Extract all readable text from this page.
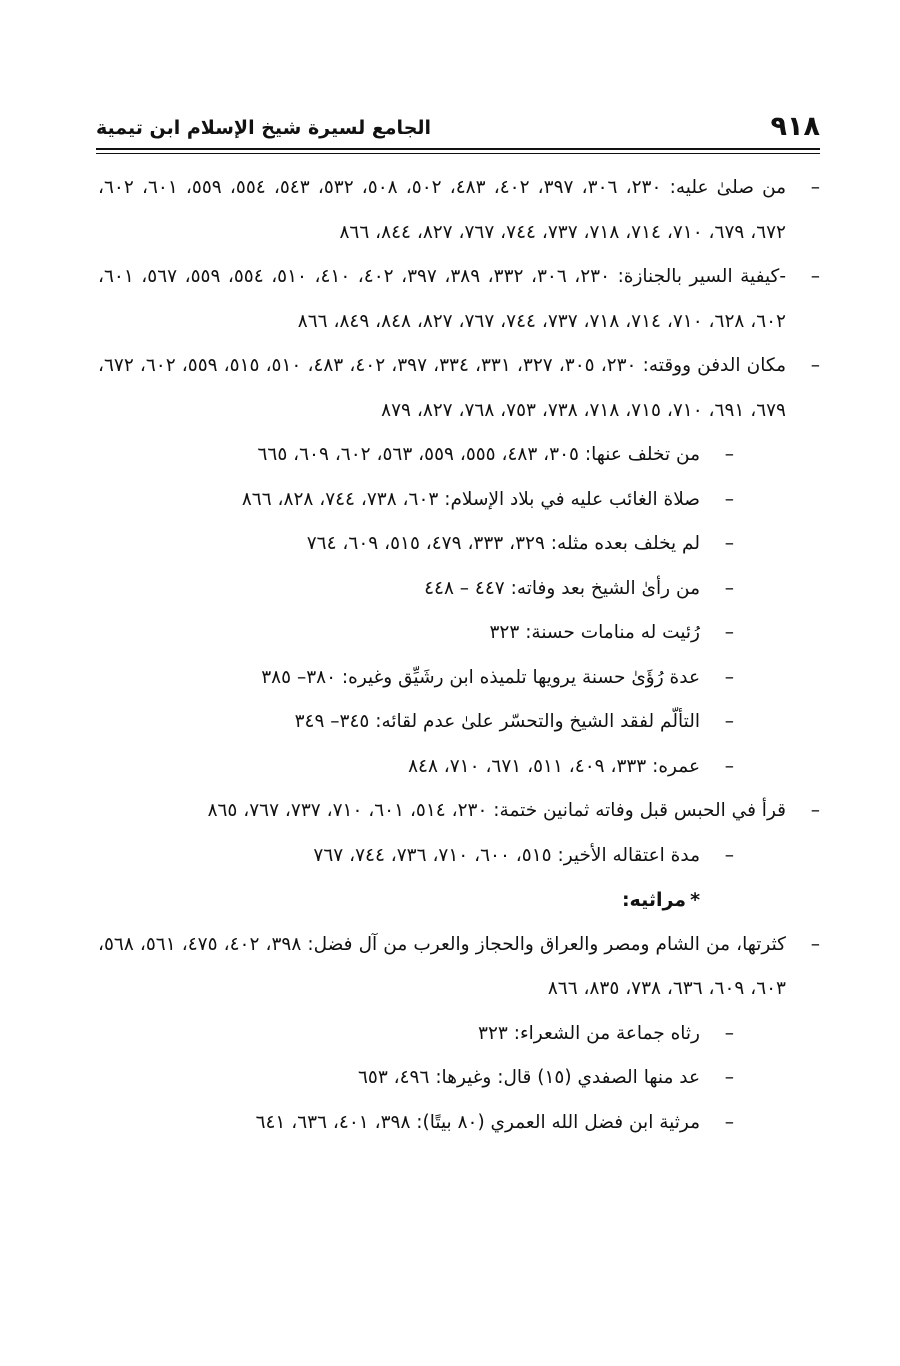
٩١٨
الجامع لسيرة شيخ الإسلام ابن تيمية
–
من صلىٰ عليه: ٢٣٠، ٣٠٦، ٣٩٧، ٤٠٢، ٤٨٣، ٥٠٢، ٥٠٨، ٥٣٢، ٥٤٣، ٥٥٤، ٥٥٩، ٦٠١، ٦٠٢، ٦٧٢، ٦٧٩، ٧١٠، ٧١٤، ٧١٨، ٧٣٧، ٧٤٤، ٧٦٧، ٨٢٧، ٨٤٤، ٨٦٦
–
-كيفية السير بالجنازة: ٢٣٠، ٣٠٦، ٣٣٢، ٣٨٩، ٣٩٧، ٤٠٢، ٤١٠، ٥١٠، ٥٥٤، ٥٥٩، ٥٦٧، ٦٠١، ٦٠٢، ٦٢٨، ٧١٠، ٧١٤، ٧١٨، ٧٣٧، ٧٤٤، ٧٦٧، ٨٢٧، ٨٤٨، ٨٤٩، ٨٦٦
–
مكان الدفن ووقته: ٢٣٠، ٣٠٥، ٣٢٧، ٣٣١، ٣٣٤، ٣٩٧، ٤٠٢، ٤٨٣، ٥١٠، ٥١٥، ٥٥٩، ٦٠٢، ٦٧٢، ٦٧٩، ٦٩١، ٧١٠، ٧١٥، ٧١٨، ٧٣٨، ٧٥٣، ٧٦٨، ٨٢٧، ٨٧٩
–
من تخلف عنها: ٣٠٥، ٤٨٣، ٥٥٥، ٥٥٩، ٥٦٣، ٦٠٢، ٦٠٩، ٦٦٥
–
صلاة الغائب عليه في بلاد الإسلام: ٦٠٣، ٧٣٨، ٧٤٤، ٨٢٨، ٨٦٦
–
لم يخلف بعده مثله: ٣٢٩، ٣٣٣، ٤٧٩، ٥١٥، ٦٠٩، ٧٦٤
–
من رأىٰ الشيخ بعد وفاته: ٤٤٧ – ٤٤٨
–
رُئيت له منامات حسنة: ٣٢٣
–
عدة رُؤَىٰ حسنة يرويها تلميذه ابن رشَيِّق وغيره: ٣٨٠– ٣٨٥
–
التألّم لفقد الشيخ والتحسّر علىٰ عدم لقائه: ٣٤٥– ٣٤٩
–
عمره: ٣٣٣، ٤٠٩، ٥١١، ٦٧١، ٧١٠، ٨٤٨
–
قرأ في الحبس قبل وفاته ثمانين ختمة: ٢٣٠، ٥١٤، ٦٠١، ٧١٠، ٧٣٧، ٧٦٧، ٨٦٥
–
مدة اعتقاله الأخير: ٥١٥، ٦٠٠، ٧١٠، ٧٣٦، ٧٤٤، ٧٦٧
*مراثيه:
–
كثرتها، من الشام ومصر والعراق والحجاز والعرب من آل فضل: ٣٩٨، ٤٠٢، ٤٧٥، ٥٦١، ٥٦٨، ٦٠٣، ٦٠٩، ٦٣٦، ٧٣٨، ٨٣٥، ٨٦٦
–
رثاه جماعة من الشعراء: ٣٢٣
–
عد منها الصفدي (١٥) قال: وغيرها: ٤٩٦، ٦٥٣
–
مرثية ابن فضل الله العمري (٨٠ بيتًا): ٣٩٨، ٤٠١، ٦٣٦، ٦٤١
